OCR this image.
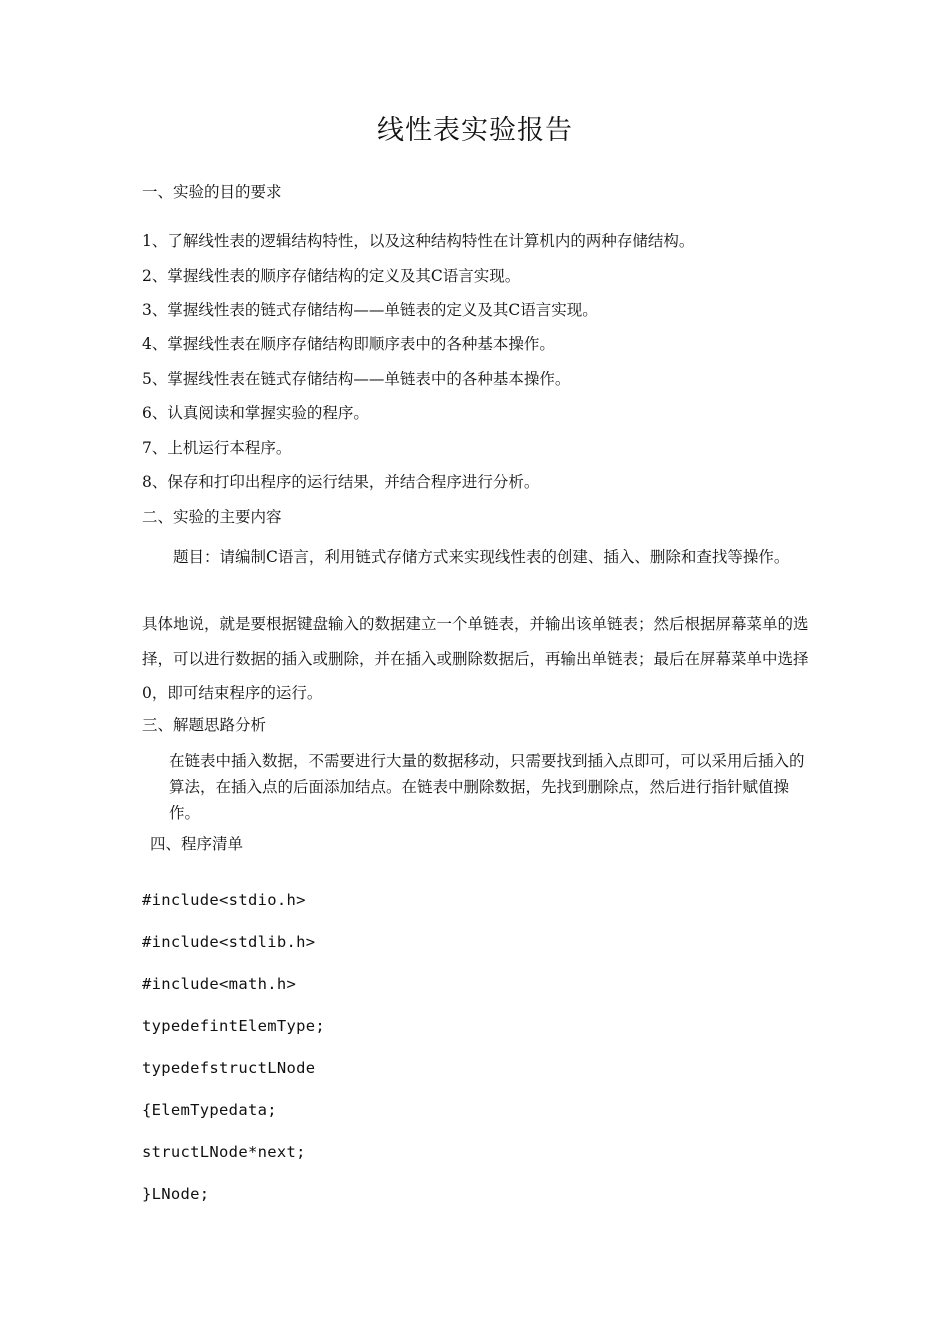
线性表实验报告
一、实验的目的要求
1、了解线性表的逻辑结构特性，以及这种结构特性在计算机内的两种存储结构。
2、掌握线性表的顺序存储结构的定义及其C语言实现。
3、掌握线性表的链式存储结构——单链表的定义及其C语言实现。
4、掌握线性表在顺序存储结构即顺序表中的各种基本操作。
5、掌握线性表在链式存储结构——单链表中的各种基本操作。
6、认真阅读和掌握实验的程序。
7、上机运行本程序。
8、保存和打印出程序的运行结果，并结合程序进行分析。
二、实验的主要内容
题目：请编制C语言，利用链式存储方式来实现线性表的创建、插入、删除和查找等操作。
具体地说，就是要根据键盘输入的数据建立一个单链表，并输出该单链表；然后根据屏幕菜单的选择，可以进行数据的插入或删除，并在插入或删除数据后，再输出单链表；最后在屏幕菜单中选择0，即可结束程序的运行。
三、解题思路分析
在链表中插入数据，不需要进行大量的数据移动，只需要找到插入点即可，可以采用后插入的算法，在插入点的后面添加结点。在链表中删除数据，先找到删除点，然后进行指针赋值操作。
四、程序清单
#include<stdio.h>
#include<stdlib.h>
#include<math.h>
typedefintElemType;
typedefstructLNode
{ElemTypedata;
structLNode*next;
}LNode;
